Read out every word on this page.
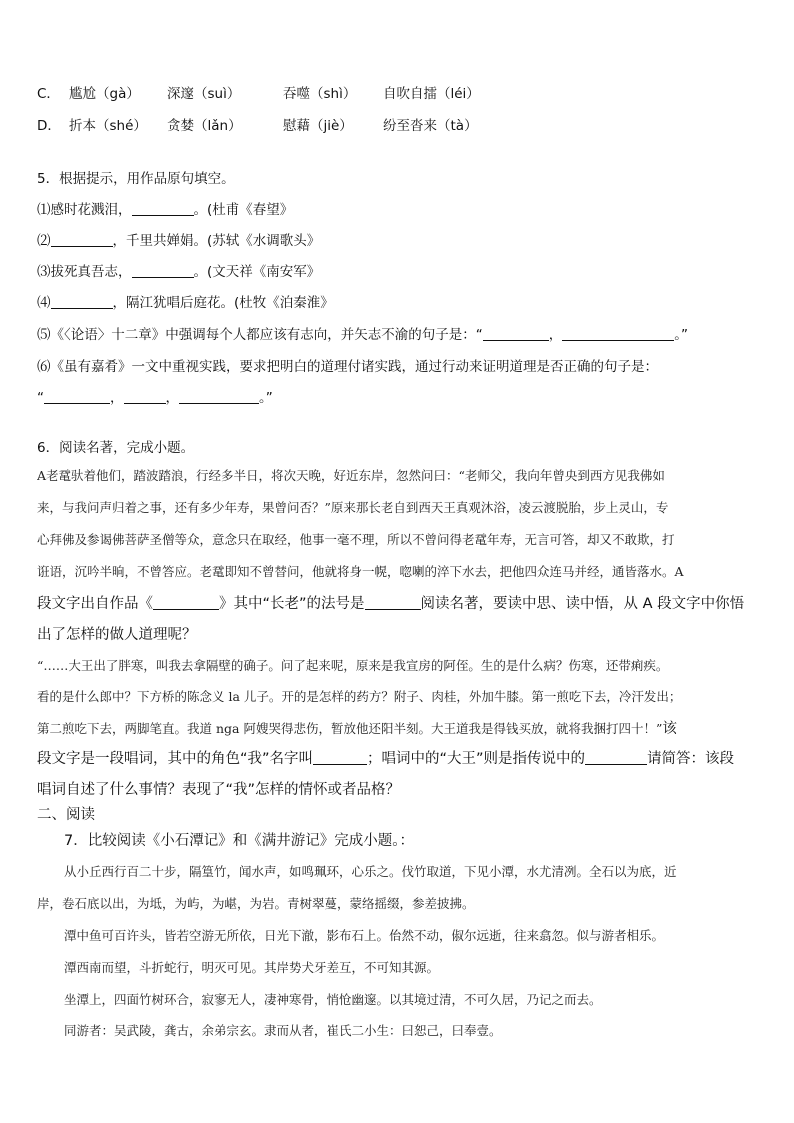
C． 尴尬（gà） 深邃（suì）	吞噬（shì） 自吹自擂（léi）
D． 折本（shé） 贪婪（lǎn）	慰藉（jiè） 纷至沓来（tà）
5．根据提示，用作品原句填空。
⑴感时花溅泪，	。(杜甫《春望》
⑵	，千里共婵娟。(苏轼《水调歌头》
⑶拔死真吾志，	。(文天祥《南安军》
⑷	，隔江犹唱后庭花。(杜牧《泊秦淮》
⑸《〈论语〉十二章》中强调每个人都应该有志向，并矢志不渝的句子是：“	，	。”
⑹《虽有嘉肴》一文中重视实践，要求把明白的道理付诸实践，通过行动来证明道理是否正确的句子是：
“	，	，	。”
6．阅读名著，完成小题。
A老鼋驮着他们，踏波踏浪，行经多半日，将次天晚，好近东岸，忽然问曰：“老师父，我向年曾央到西方见我佛如
来，与我问声归着之事，还有多少年寿，果曾问否？”原来那长老自到西天王真观沐浴，凌云渡脱胎，步上灵山，专
心拜佛及参谒佛菩萨圣僧等众，意念只在取经，他事一毫不理，所以不曾问得老鼋年寿，无言可答，却又不敢欺，打
诳语，沉吟半晌，不曾答应。老鼋即知不曾替问，他就将身一幌，唿喇的淬下水去，把他四众连马并经，通皆落水。A
段文字出自作品《	》其中“长老”的法号是	阅读名著，要读中思、读中悟，从 A 段文字中你悟
出了怎样的做人道理呢？
“……大王出了胖寒，叫我去拿隔壁的确子。问了起来呢，原来是我宣房的阿侄。生的是什么病？伤寒，还带痢疾。
看的是什么郎中？下方桥的陈念义 la 儿子。开的是怎样的药方？附子、肉桂，外加牛膝。第一煎吃下去，冷汗发出；
第二煎吃下去，两脚笔直。我道 nga 阿嫂哭得悲伤，暂放他还阳半刻。大王道我是得钱买放，就将我捆打四十！”该
段文字是一段唱词，其中的角色“我”名字叫	；唱词中的“大王”则是指传说中的	请简答：该段
唱词自述了什么事情？表现了“我”怎样的情怀或者品格？
二、阅读
7．比较阅读《小石潭记》和《满井游记》完成小题。：
从小丘西行百二十步，隔篁竹，闻水声，如鸣珮环，心乐之。伐竹取道，下见小潭，水尤清冽。全石以为底，近
岸，卷石底以出，为坻，为屿，为嵁，为岩。青树翠蔓，蒙络摇缀，参差披拂。
潭中鱼可百许头，皆若空游无所依，日光下澈，影布石上。佁然不动，俶尔远逝，往来翕忽。似与游者相乐。
潭西南而望，斗折蛇行，明灭可见。其岸势犬牙差互，不可知其源。
坐潭上，四面竹树环合，寂寥无人，凄神寒骨，悄怆幽邃。以其境过清，不可久居，乃记之而去。
同游者：吴武陵，龚古，余弟宗玄。隶而从者，崔氏二小生：曰恕己，曰奉壹。
